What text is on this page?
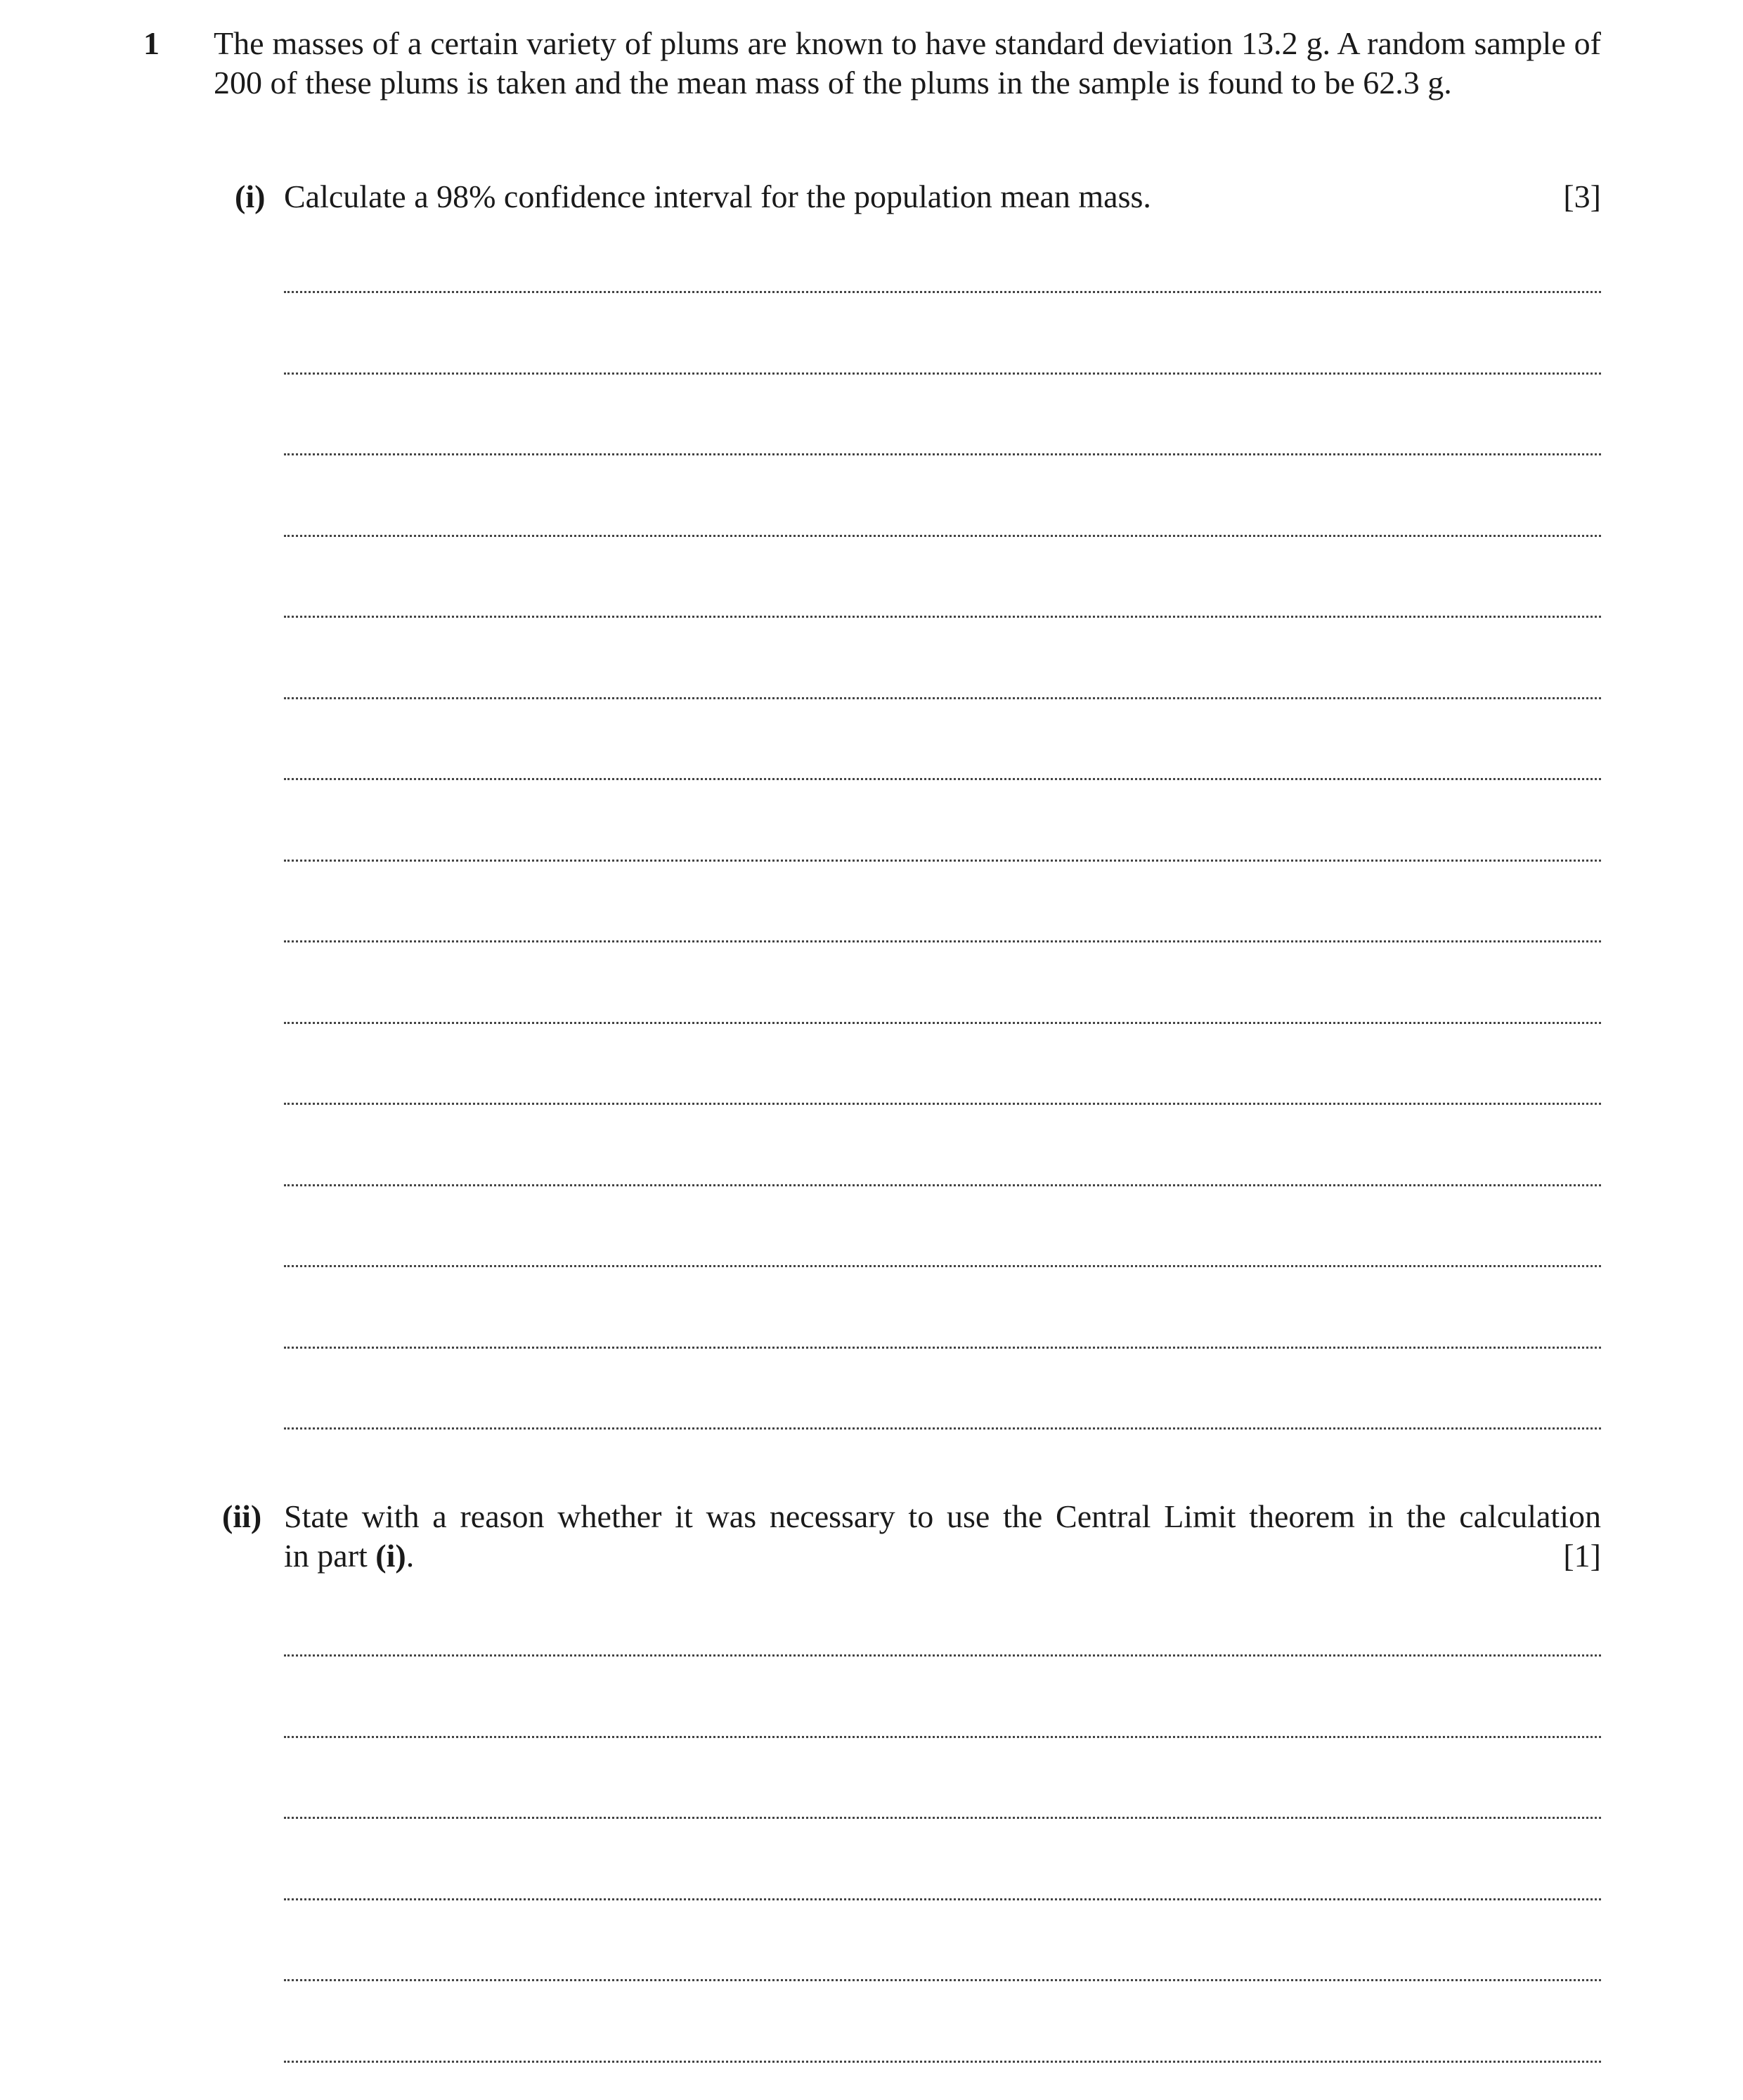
1 The masses of a certain variety of plums are known to have standard deviation 13.2 g. A random sample of 200 of these plums is taken and the mean mass of the plums in the sample is found to be 62.3 g.
(i) Calculate a 98% confidence interval for the population mean mass.	[3]
(ii) State with a reason whether it was necessary to use the Central Limit theorem in the calculation
in part (i).	[1]
